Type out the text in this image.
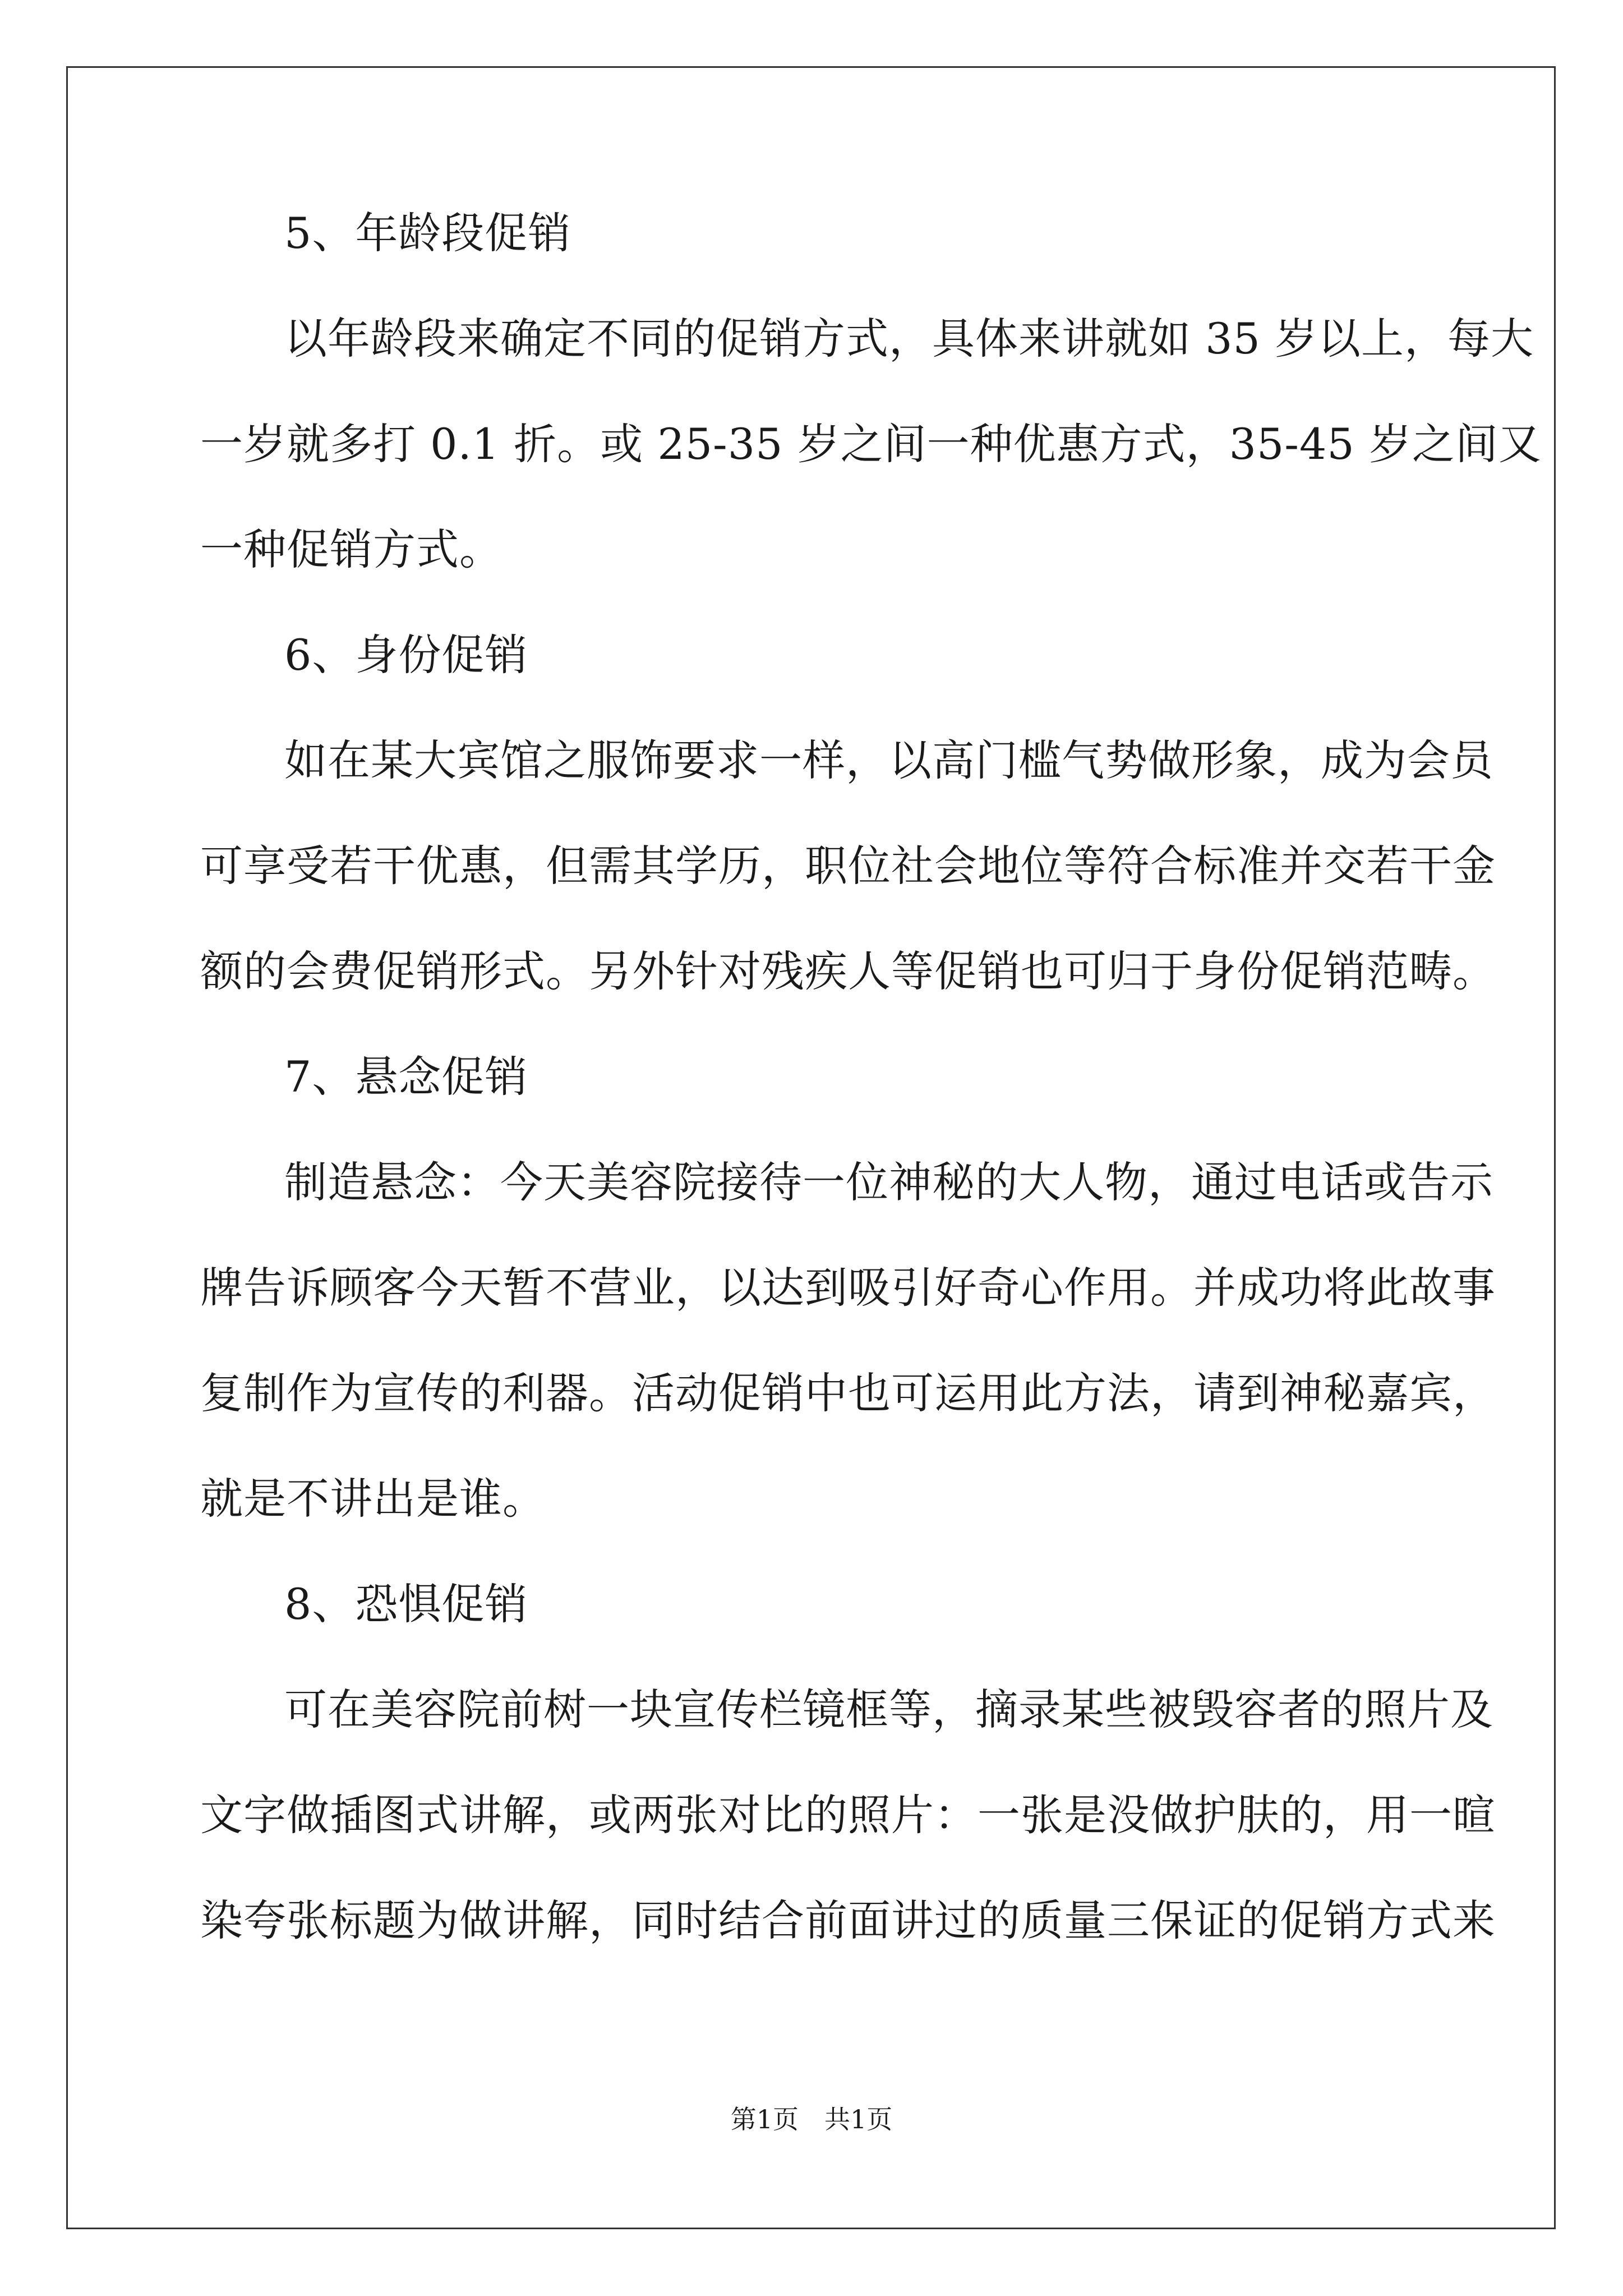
5、年龄段促销
以年龄段来确定不同的促销方式，具体来讲就如 35 岁以上，每大
一岁就多打 0.1 折。或 25-35 岁之间一种优惠方式，35-45 岁之间又
一种促销方式。
6、身份促销
如在某大宾馆之服饰要求一样，以高门槛气势做形象，成为会员
可享受若干优惠，但需其学历，职位社会地位等符合标准并交若干金
额的会费促销形式。另外针对残疾人等促销也可归于身份促销范畴。
7、悬念促销
制造悬念：今天美容院接待一位神秘的大人物，通过电话或告示
牌告诉顾客今天暂不营业，以达到吸引好奇心作用。并成功将此故事
复制作为宣传的利器。活动促销中也可运用此方法，请到神秘嘉宾，
就是不讲出是谁。
8、恐惧促销
可在美容院前树一块宣传栏镜框等，摘录某些被毁容者的照片及
文字做插图式讲解，或两张对比的照片：一张是没做护肤的，用一暄
染夸张标题为做讲解，同时结合前面讲过的质量三保证的促销方式来
第1页　共1页
